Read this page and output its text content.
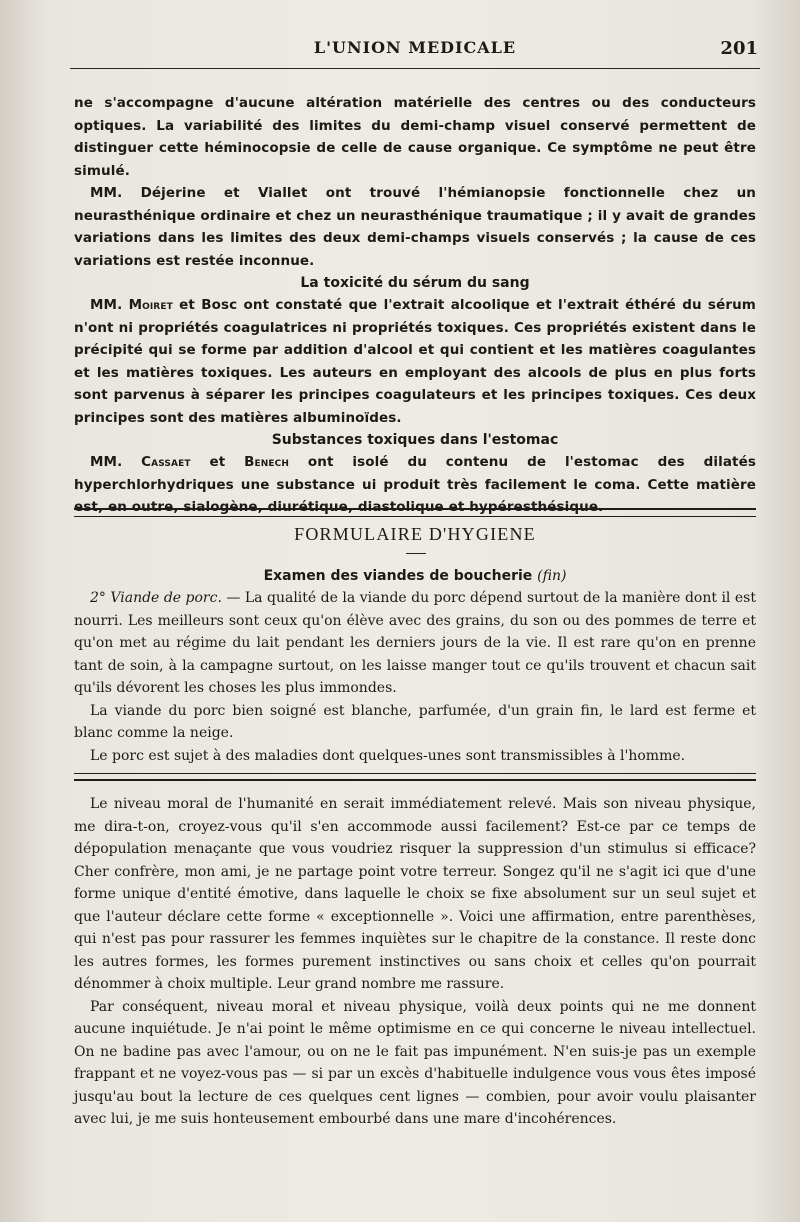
L'UNION MEDICALE	201

ne s'accompagne d'aucune altération matérielle des centres ou des conducteurs optiques. La variabilité des limites du demi-champ visuel conservé permettent de distinguer cette héminocopsie de celle de cause organique. Ce symptôme ne peut être simulé.

MM. Déjerine et Viallet ont trouvé l'hémianopsie fonctionnelle chez un neurasthénique ordinaire et chez un neurasthénique traumatique ; il y avait de grandes variations dans les limites des deux demi-champs visuels conservés ; la cause de ces variations est restée inconnue.

La toxicité du sérum du sang

MM. Moiret et Bosc ont constaté que l'extrait alcoolique et l'extrait éthéré du sérum n'ont ni propriétés coagulatrices ni propriétés toxiques. Ces propriétés existent dans le précipité qui se forme par addition d'alcool et qui contient et les matières coagulantes et les matières toxiques. Les auteurs en employant des alcools de plus en plus forts sont parvenus à séparer les principes coagulateurs et les principes toxiques. Ces deux principes sont des matières albuminoïdes.

Substances toxiques dans l'estomac

MM. Cassaet et Benech ont isolé du contenu de l'estomac des dilatés hyperchlorhydriques une substance ui produit très facilement le coma. Cette matière est, en outre, sialogène, diurétique, diastolique et hypéresthésique.

FORMULAIRE D'HYGIENE
Examen des viandes de boucherie (fin)

2° Viande de porc. — La qualité de la viande du porc dépend surtout de la manière dont il est nourri. Les meilleurs sont ceux qu'on élève avec des grains, du son ou des pommes de terre et qu'on met au régime du lait pendant les derniers jours de la vie. Il est rare qu'on en prenne tant de soin, à la campagne surtout, on les laisse manger tout ce qu'ils trouvent et chacun sait qu'ils dévorent les choses les plus immondes.

La viande du porc bien soigné est blanche, parfumée, d'un grain fin, le lard est ferme et blanc comme la neige.

Le porc est sujet à des maladies dont quelques-unes sont transmissibles à l'homme.

Le niveau moral de l'humanité en serait immédiatement relevé. Mais son niveau physique, me dira-t-on, croyez-vous qu'il s'en accommode aussi facilement? Est-ce par ce temps de dépopulation menaçante que vous voudriez risquer la suppression d'un stimulus si efficace? Cher confrère, mon ami, je ne partage point votre terreur. Songez qu'il ne s'agit ici que d'une forme unique d'entité émotive, dans laquelle le choix se fixe absolument sur un seul sujet et que l'auteur déclare cette forme « exceptionnelle ». Voici une affirmation, entre parenthèses, qui n'est pas pour rassurer les femmes inquiètes sur le chapitre de la constance. Il reste donc les autres formes, les formes purement instinctives ou sans choix et celles qu'on pourrait dénommer à choix multiple. Leur grand nombre me rassure.

Par conséquent, niveau moral et niveau physique, voilà deux points qui ne me donnent aucune inquiétude. Je n'ai point le même optimisme en ce qui concerne le niveau intellectuel. On ne badine pas avec l'amour, ou on ne le fait pas impunément. N'en suis-je pas un exemple frappant et ne voyez-vous pas — si par un excès d'habituelle indulgence vous vous êtes imposé jusqu'au bout la lecture de ces quelques cent lignes — combien, pour avoir voulu plaisanter avec lui, je me suis honteusement embourbé dans une mare d'incohérences.
